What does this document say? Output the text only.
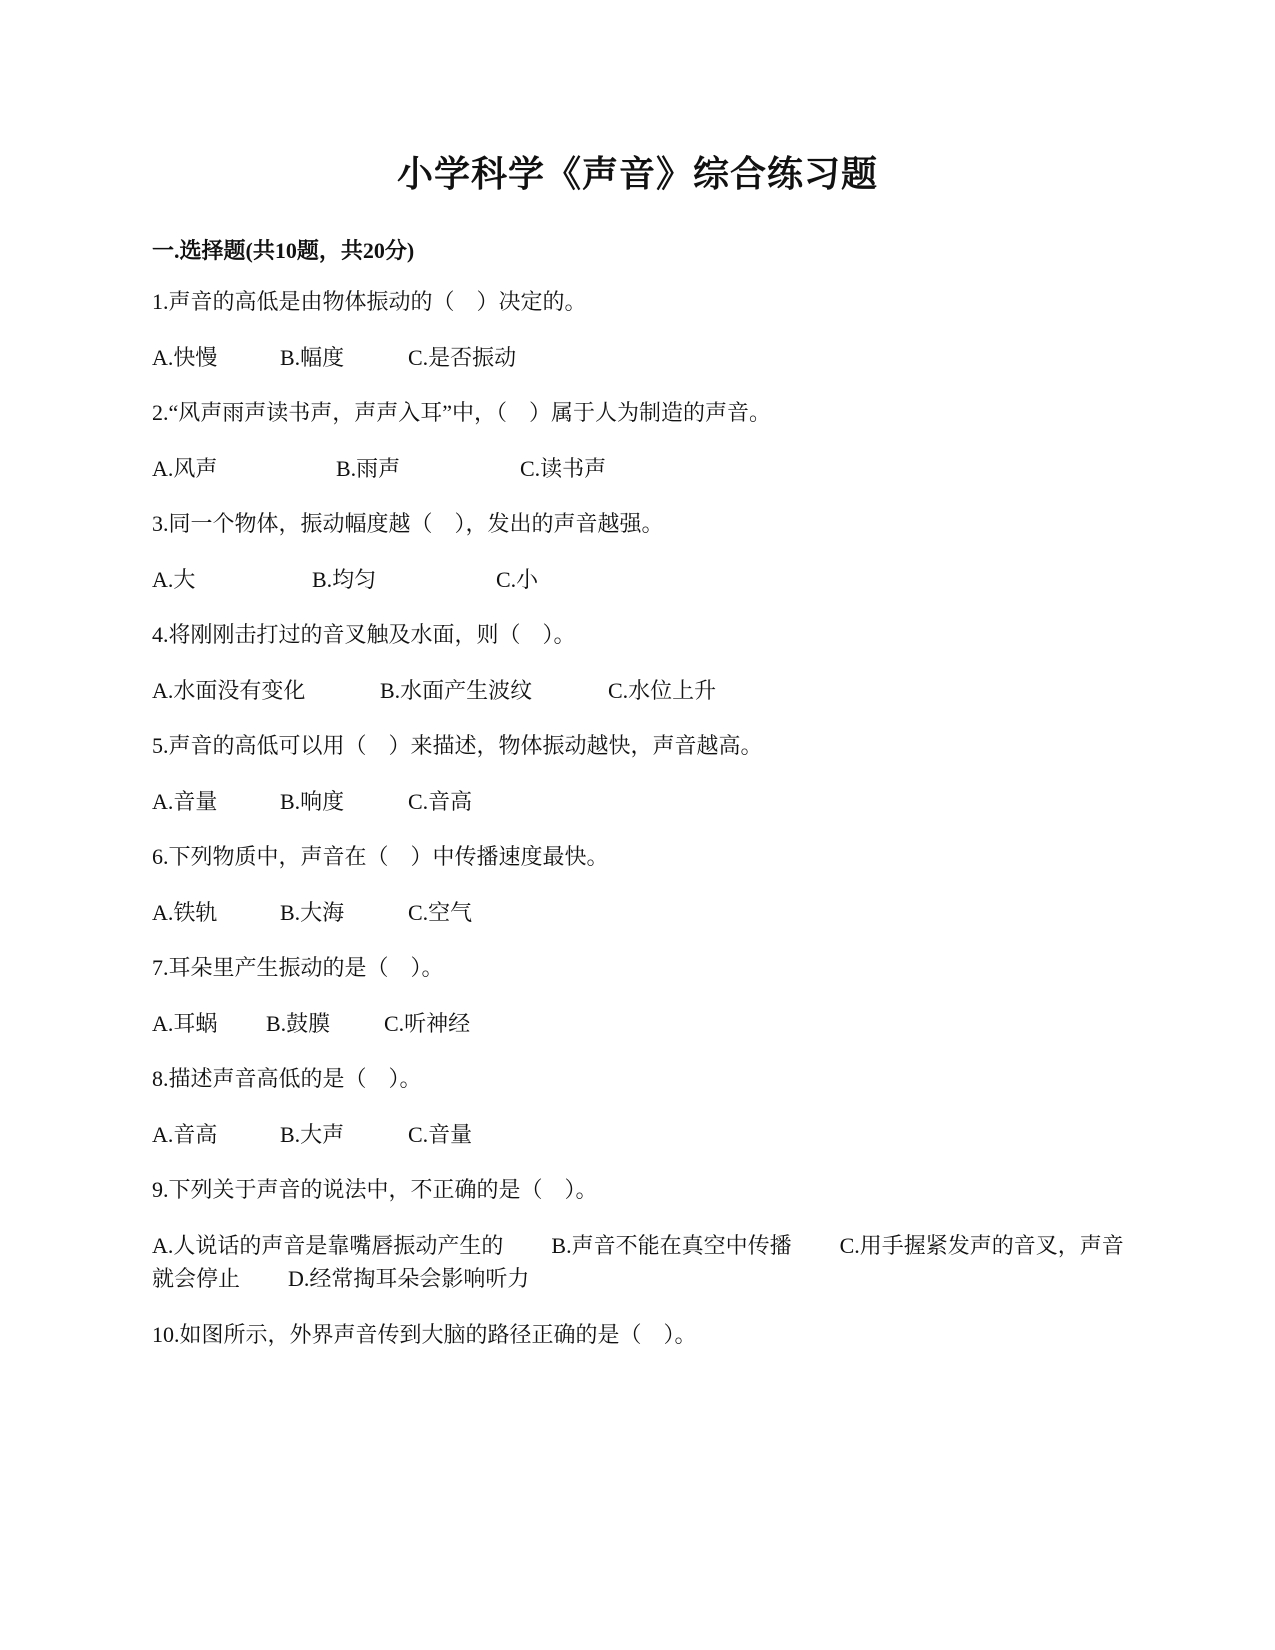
小学科学《声音》综合练习题
一.选择题(共10题，共20分)
1.声音的高低是由物体振动的（　）决定的。
A.快慢	B.幅度	C.是否振动
2.“风声雨声读书声，声声入耳”中，（　）属于人为制造的声音。
A.风声	B.雨声	C.读书声
3.同一个物体，振动幅度越（　），发出的声音越强。
A.大	B.均匀	C.小
4.将刚刚击打过的音叉触及水面，则（　）。
A.水面没有变化	B.水面产生波纹	C.水位上升
5.声音的高低可以用（　）来描述，物体振动越快，声音越高。
A.音量	B.响度	C.音高
6.下列物质中，声音在（　）中传播速度最快。
A.铁轨	B.大海	C.空气
7.耳朵里产生振动的是（　）。
A.耳蜗 B.鼓膜 C.听神经
8.描述声音高低的是（　）。
A.音高	B.大声	C.音量
9.下列关于声音的说法中，不正确的是（　）。
A.人说话的声音是靠嘴唇振动产生的 B.声音不能在真空中传播 C.用手握紧发声的音叉，声音就会停止 D.经常掏耳朵会影响听力
10.如图所示，外界声音传到大脑的路径正确的是（　）。
